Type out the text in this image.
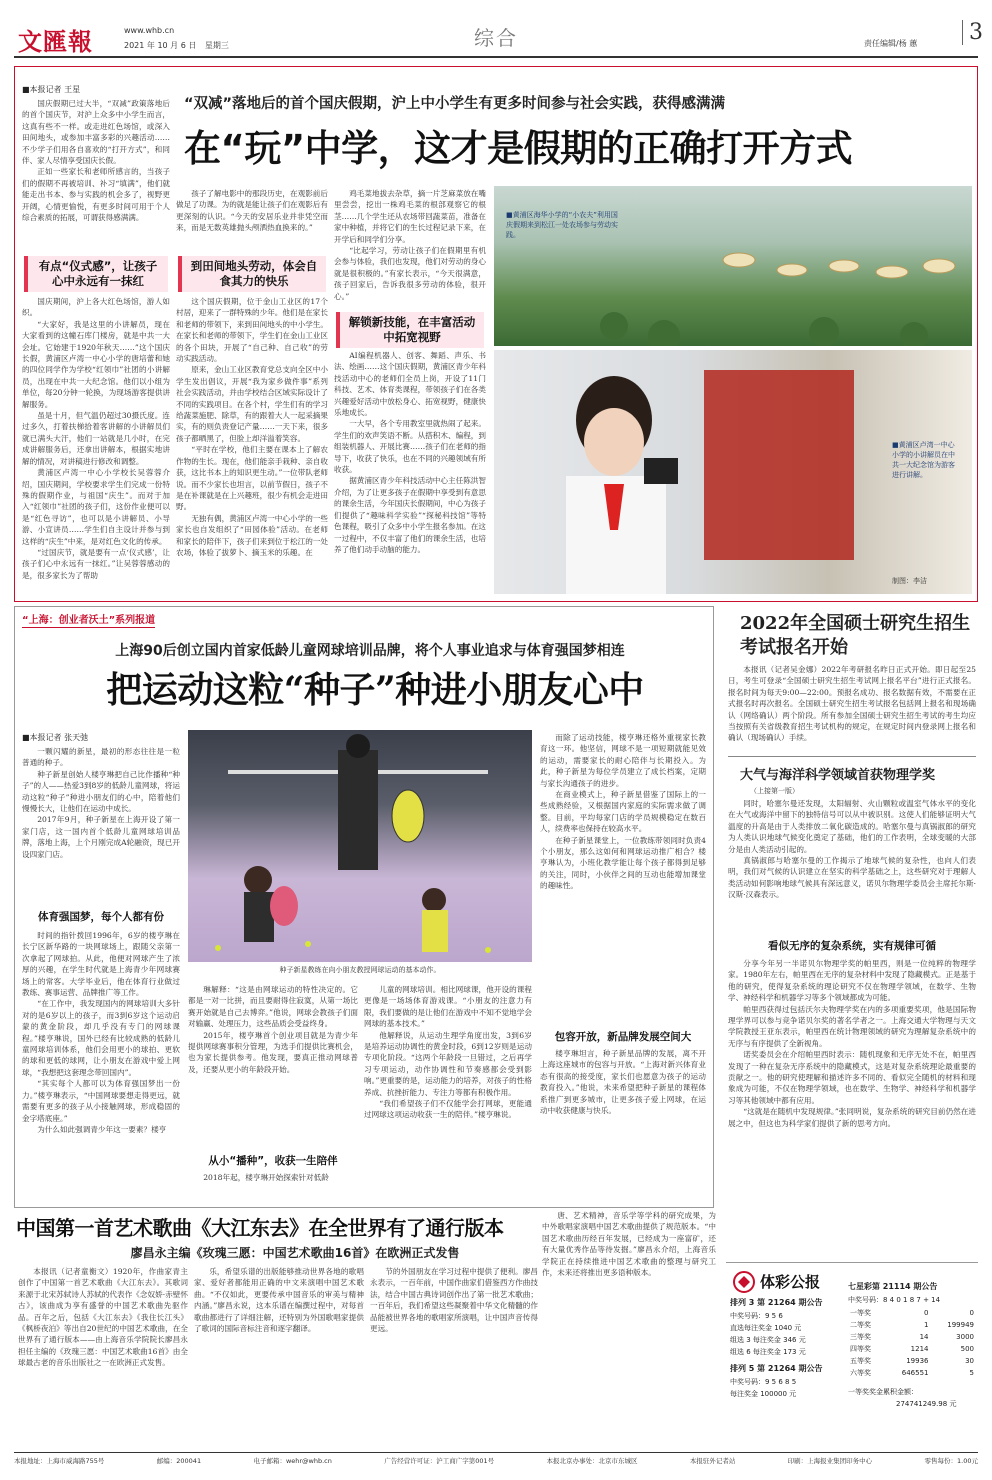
文匯報	www.whb.cn
2021 年 10 月 6 日 星期三	综合	责任编辑/杨 蕙	3
■本报记者 王星

国庆假期已过大半，“双减”政策落地后的首个国庆节，对沪上众多中小学生而言，这真有些不一样。或走进红色场馆，或深入田间地头，或参加丰富多彩的兴趣活动……不少学子们用各自喜欢的“打开方式”，和同伴、家人尽情享受国庆长假。

正如一些家长和老师所感言的，当孩子们的假期不再被培训、补习“填满”，他们就能走出书本、参与实践的机会多了，视野更开阔，心情更愉悦，有更多时间可用于个人综合素质的拓展，可谓获得感满满。

“双减”落地后的首个国庆假期，沪上中小学生有更多时间参与社会实践，获得感满满
在“玩”中学，这才是假期的正确打开方式
有点“仪式感”，让孩子心中永远有一抹红

国庆期间，沪上各大红色场馆，游人如织。

“大家好，我是这里的小讲解员，现在大家看到的这幢石库门楼房，就是中共一大会址。它始建于1920年秋天……”这个国庆长假，黄浦区卢湾一中心小学的唐培蕾和她的四位同学作为学校“红领巾”社团的小讲解员，出现在中共一大纪念馆。他们以小组为单位，每20分钟一轮换，为现场游客提供讲解服务。

虽是十月，但气温仍超过30摄氏度。连过多久，打着扶梯拾着客讲解的小讲解员们就已满头大汗，他们一站就是几小时，在完成讲解服务后，还拿出讲解本，根据实地讲解的情况，对讲稿进行修改和调整。

黄浦区卢湾一中心小学校长吴蓉蓉介绍，国庆期间，学校要求学生们完成一份特殊的假期作业，与祖国“庆生”。而对于加入“红领巾”社团的孩子们，这份作业便可以是“红色寻访”，也可以是小讲解员、小导游、小宣讲员……学生们自主设计并参与到这样的“庆生”中来，是对红色文化的传承。

“过国庆节，就是要有一点‘仪式感’，让孩子们心中永远有一抹红。”让吴蓉蓉感动的是，很多家长为了帮助

孩子了解电影中的那段历史，在观影前后做足了功课。为的就是能让孩子们在观影后有更深刻的认识。“今天的安居乐业并非凭空而来，而是无数英雄抛头颅洒热血换来的。”

到田间地头劳动，体会自食其力的快乐

这个国庆假期，位于金山工业区的17个村居，迎来了一群特殊的少年。他们是在家长和老师的带领下，来到田间地头的中小学生。在家长和老师的带领下，学生们在金山工业区的各个田块，开展了“自己种、自己收”的劳动实践活动。

原来，金山工业区教育党总支向全区中小学生发出倡议，开展“我为家乡做件事”系列社会实践活动，并由学校结合区域实际设计了不同的实践项目。在各个村，学生们有的学习给蔬菜施肥、除草，有的跟着大人一起采摘果实，有的则负责登记产量……一天下来，很多孩子都晒黑了，但脸上却洋溢着笑容。

“平时在学校，他们主要在课本上了解农作物的生长。现在，他们能亲手栽种、亲自收获，这比书本上的知识更生动。”一位带队老师说。而不少家长也坦言，以前节假日，孩子不是在补课就是在上兴趣班，很少有机会走进田野。

无独有偶，黄浦区卢湾一中心小学的一些家长也自发组织了“田园体验”活动。在老师和家长的陪伴下，孩子们来到位于松江的一处农场，体验了拔萝卜、摘玉米的乐趣。在

鸡毛菜地拔去杂草，摘一片芝麻菜放在嘴里尝尝，挖出一株鸡毛菜的根部观察它的根茎……几个学生还从农场带回蔬菜苗，准备在家中种植，并将它们的生长过程记录下来，在开学后和同学们分享。

“比起学习，劳动让孩子们在假期里有机会参与体验，我们也发现，他们对劳动的身心就是很积极的。”有家长表示，“今天很满意，孩子回家后，告诉我很多劳动的体验，很开心。”

解锁新技能，在丰富活动中拓宽视野

AI编程机器人、创客、舞蹈、声乐、书法、绘画……这个国庆假期，黄浦区青少年科技活动中心的老师们全员上岗，开设了11门科技、艺术、体育类课程，带领孩子们在各类兴趣爱好活动中放松身心、拓宽视野，健康快乐地成长。

一大早，各个专用教室里就热闹了起来。学生们的欢声笑语不断。从搭积木、编程，到组装机器人、开展比赛……孩子们在老师的指导下，收获了快乐，也在不同的兴趣领域有所收获。

据黄浦区青少年科技活动中心主任陈洪智介绍，为了让更多孩子在假期中享受到有意思的课余生活，今年国庆长假期间，中心为孩子们提供了“趣味科学实验”“探秘科技馆”等特色课程，吸引了众多中小学生报名参加。在这一过程中，不仅丰富了他们的课余生活，也培养了他们动手动脑的能力。

■黄浦区海华小学的“小农夫”利用国庆假期来到松江一处农场参与劳动实践。
■黄浦区卢湾一中心小学的小讲解员在中共一大纪念馆为游客进行讲解。
制图：李洁
“上海：创业者沃土”系列报道
上海90后创立国内首家低龄儿童网球培训品牌，将个人事业追求与体育强国梦相连
把运动这粒“种子”种进小朋友心中
■本报记者 张天弛

一颗闪耀的新星，最初的形态往往是一粒普通的种子。

种子新星创始人楼亨琳把自己比作播种“种子”的人——热爱3到8岁的低龄儿童网球，将运动这粒“种子”种进小朋友们的心中，陪着他们慢慢长大，让他们在运动中成长。

2017年9月，种子新星在上海开设了第一家门店，这一国内首个低龄儿童网球培训品牌，落地上海，上个月刚完成A轮融资，现已开设四家门店。

体育强国梦，每个人都有份

时间的指针拨回1996年，6岁的楼亨琳在长宁区新华路的一块网球场上，跟随父亲第一次拿起了网球拍。从此，他便对网球产生了浓厚的兴趣，在学生时代就是上海青少年网球赛场上的常客。大学毕业后，他在体育行业做过教练、赛事运营、品牌推广等工作。

“在工作中，我发现国内的网球培训大多针对的是6岁以上的孩子，而3到6岁这个运动启蒙的黄金阶段，却几乎没有专门的网球课程。”楼亨琳说，国外已经有比较成熟的低龄儿童网球培训体系，他们会用更小的球拍、更软的球和更低的球网，让小朋友在游戏中爱上网球，“我想把这套理念带回国内”。

“其实每个人都可以为体育强国梦出一份力。”楼亨琳表示，“中国网球要想走得更远，就需要有更多的孩子从小接触网球，形成稳固的金字塔底座。”

为什么如此强调青少年这一要素？楼亨

种子新星教练在向小朋友教授网球运动的基本动作。

琳解释：“这是由网球运动的特性决定的。它都是一对一比拼，而且要耐得住寂寞，从第一场比赛开始就是自己去博弈。”他说，网球会教孩子们面对输赢、处理压力，这些品质会受益终身。

2015年，楼亨琳首个创业项目就是为青少年提供网球赛事积分管理，为选手们提供比赛机会，也为家长提供参考。他发现，要真正推动网球普及，还要从更小的年龄段开始。

从小“播种”，收获一生陪伴

2018年起，楼亨琳开始探索针对低龄

儿童的网球培训。相比网球课，他开设的课程更像是一场场体育游戏课。“小朋友的注意力有限，我们要做的是让他们在游戏中不知不觉地学会网球的基本技术。”

他解释说，从运动生理学角度出发，3到6岁是培养运动协调性的黄金时段，6到12岁则是运动专项化阶段。“这两个年龄段一旦错过，之后再学习专项运动，动作协调性和节奏感都会受到影响。”更重要的是，运动能力的培养，对孩子的性格养成、抗挫折能力、专注力等都有积极作用。

“我们希望孩子们不仅能学会打网球，更能通过网球这项运动收获一生的陪伴。”楼亨琳说。

而除了运动技能，楼亨琳还格外重视家长教育这一环。他坚信，网球不是一项短期就能见效的运动，需要家长的耐心陪伴与长期投入。为此，种子新星为每位学员建立了成长档案，定期与家长沟通孩子的进步。

在商业模式上，种子新星借鉴了国际上的一些成熟经验，又根据国内家庭的实际需求做了调整。目前，平均每家门店的学员规模稳定在数百人，续费率也保持在较高水平。

在种子新星课堂上，一位教练带领同时负责4个小朋友，那么这如何和网球运动推广相合？楼亨琳认为，小班化教学能让每个孩子都得到足够的关注，同时，小伙伴之间的互动也能增加课堂的趣味性。

包容开放，新品牌发展空间大

楼亨琳坦言，种子新星品牌的发展，离不开上海这座城市的包容与开放。“上海对新兴体育业态有很高的接受度，家长们也愿意为孩子的运动教育投入。”他说，未来希望把种子新星的课程体系推广到更多城市，让更多孩子爱上网球，在运动中收获健康与快乐。

2022年全国硕士研究生招生考试报名开始

本报讯（记者吴金娜）2022年考研报名昨日正式开始。即日起至25日，考生可登录“全国硕士研究生招生考试网上报名平台”进行正式报名。报名时间为每天9:00—22:00。预报名成功、报名数据有效，不需要在正式报名时再次报名。全国硕士研究生招生考试报名包括网上报名和现场确认（网络确认）两个阶段。所有参加全国硕士研究生招生考试的考生均应当按照有关省级教育招生考试机构的规定，在规定时间内登录网上报名和确认（现场确认）手续。

大气与海洋科学领域首获物理学奖
（上接第一版）

同时，哈塞尔曼还发现，太阳辐射、火山颗粒或温室气体水平的变化在大气或海洋中留下的独特信号可以从中被识别。这使人们能够证明大气温度的升高是由于人类排放二氧化碳造成的。哈塞尔曼与真锅淑郎的研究为人类认识地球气候变化奠定了基础，他们的工作表明，全球变暖的大部分是由人类活动引起的。

真锅淑郎与哈塞尔曼的工作揭示了地球气候的复杂性，也向人们表明，我们对气候的认识建立在坚实的科学基础之上，这些研究对于理解人类活动如何影响地球气候具有深远意义，诺贝尔物理学委员会主席托尔斯·汉斯·汉森表示。

看似无序的复杂系统，实有规律可循

分享今年另一半诺贝尔物理学奖的帕里西，则是一位纯粹的物理学家。1980年左右，帕里西在无序的复杂材料中发现了隐藏模式。正是基于他的研究，使得复杂系统的理论研究不仅在物理学领域，在数学、生物学、神经科学和机器学习等多个领域都成为可能。

帕里西获得过包括沃尔夫物理学奖在内的多项重要奖项，他是国际物理学界可以参与竞争诺贝尔奖的著名学者之一。上海交通大学物理与天文学院教授王亚东表示，帕里西在统计物理领域的研究为理解复杂系统中的无序与有序提供了全新视角。

诺奖委员会在介绍帕里西时表示：随机现象和无序无处不在，帕里西发现了一种在复杂无序系统中的隐藏模式，这是对复杂系统理论最重要的贡献之一。他的研究使理解和描述许多不同的、看似完全随机的材料和现象成为可能，不仅在物理学领域，也在数学、生物学、神经科学和机器学习等其他领域中都有应用。

“这就是在随机中发现规律。”张同明说，复杂系统的研究目前仍然在进展之中，但这也为科学家们提供了新的思考方向。

中国第一首艺术歌曲《大江东去》在全世界有了通行版本
廖昌永主编《玫瑰三愿：中国艺术歌曲16首》在欧洲正式发售

本报讯（记者童衡文）1920年，作曲家青主创作了中国第一首艺术歌曲《大江东去》。其歌词来源于北宋苏轼诗人苏轼的代表作《念奴娇·赤壁怀古》，该曲成为享有盛誉的中国艺术歌曲先驱作品。百年之后，包括《大江东去》《我住长江头》《枫桥夜泊》等出自20世纪的中国艺术歌曲，在全世界有了通行版本——由上海音乐学院院长廖昌永担任主编的《玫瑰三愿：中国艺术歌曲16首》由全球最古老的音乐出版社之一在欧洲正式发售。

乐，希望乐谱的出版能够推动世界各地的歌唱家、爱好者都能用正确的中文来演唱中国艺术歌曲。“不仅如此，更要传承中国音乐的审美与精神内涵。”廖昌永说，这本乐谱在编撰过程中，对每首歌曲都进行了详细注解，还特别为外国歌唱家提供了歌词的国际音标注音和逐字翻译。

节的外国朋友在学习过程中提供了便利。廖昌永表示，一百年前，中国作曲家们借鉴西方作曲技法，结合中国古典诗词创作出了第一批艺术歌曲；一百年后，我们希望这些凝聚着中华文化精髓的作品能被世界各地的歌唱家所演唱，让中国声音传得更远。

唐、艺术精神，音乐学等学科的研究成果，为中外歌唱家演唱中国艺术歌曲提供了规范版本。“中国艺术歌曲历经百年发展，已经成为一座富矿，还有大量优秀作品等待发掘。”廖昌永介绍，上海音乐学院正在持续推进中国艺术歌曲的整理与研究工作，未来还将推出更多语种版本。

体彩公报
排列 3 第 21264 期公告
中奖号码：9 5 6
直选每注奖金 1040 元
组选 3 每注奖金 346 元
组选 6 每注奖金 173 元
排列 5 第 21264 期公告
中奖号码：9 5 6 8 5
每注奖金 100000 元
七星彩第 21114 期公告
中奖号码：8 4 0 1 8 7 + 14
一等奖	0	0
二等奖	1	199949
三等奖	14	3000
四等奖	1214	500
五等奖	19936	30
六等奖	646551	5
一等奖奖金累积金额：
274741249.98 元
本报地址：上海市威海路755号	邮编：200041	电子邮箱：wehr@whb.cn	广告经营许可证：沪工商广字第001号	本报北京办事处：北京市东城区	本报驻外记者站	印刷：上海报业集团印务中心	零售每份：1.00元
